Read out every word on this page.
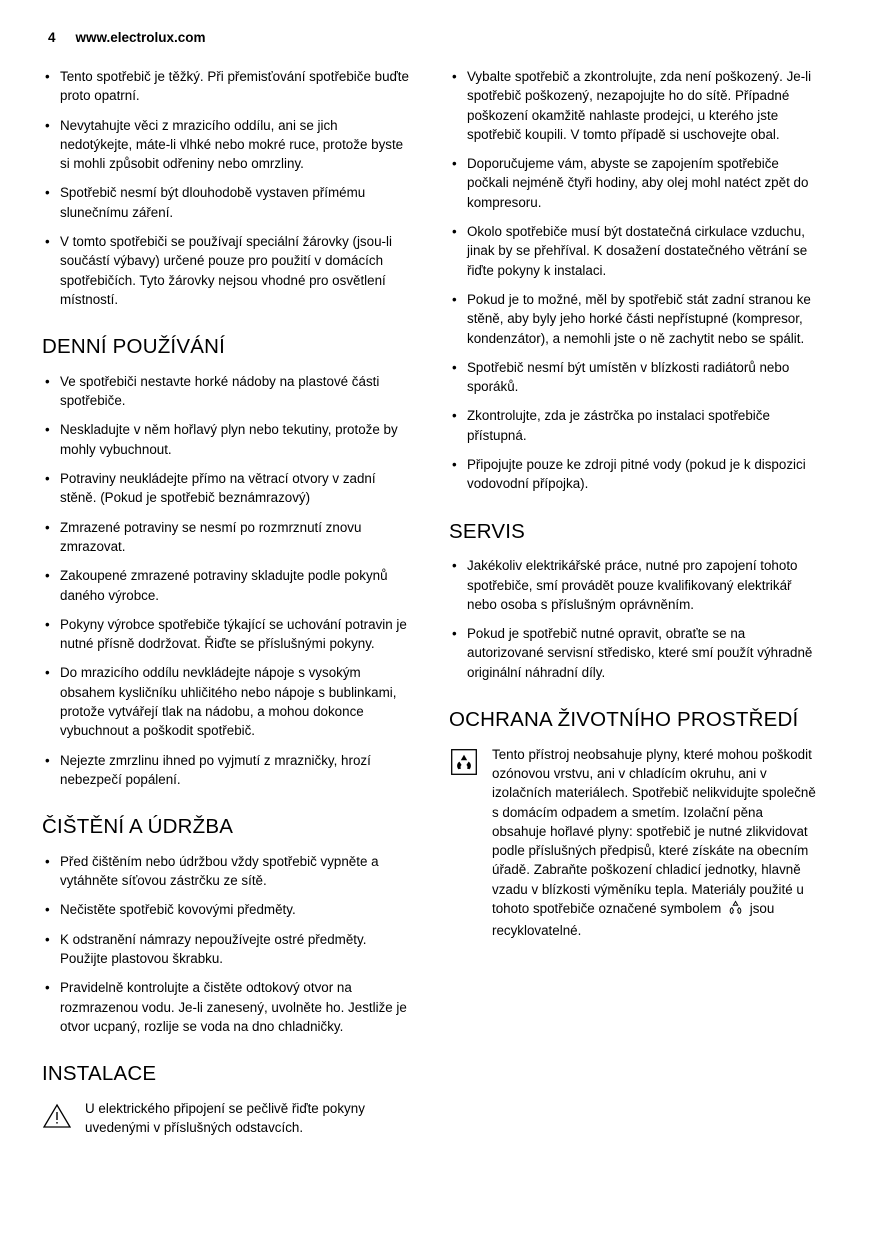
4 www.electrolux.com
• Tento spotřebič je těžký. Při přemisťování spotřebiče buďte proto opatrní.
• Nevytahujte věci z mrazicího oddílu, ani se jich nedotýkejte, máte-li vlhké nebo mokré ruce, protože byste si mohli způsobit odřeniny nebo omrzliny.
• Spotřebič nesmí být dlouhodobě vystaven přímému slunečnímu záření.
• V tomto spotřebiči se používají speciální žárovky (jsou-li součástí výbavy) určené pouze pro použití v domácích spotřebičích. Tyto žárovky nejsou vhodné pro osvětlení místností.
DENNÍ POUŽÍVÁNÍ
• Ve spotřebiči nestavte horké nádoby na plastové části spotřebiče.
• Neskladujte v něm hořlavý plyn nebo tekutiny, protože by mohly vybuchnout.
• Potraviny neukládejte přímo na větrací otvory v zadní stěně. (Pokud je spotřebič beznámrazový)
• Zmrazené potraviny se nesmí po rozmrznutí znovu zmrazovat.
• Zakoupené zmrazené potraviny skladujte podle pokynů daného výrobce.
• Pokyny výrobce spotřebiče týkající se uchování potravin je nutné přísně dodržovat. Řiďte se příslušnými pokyny.
• Do mrazicího oddílu nevkládejte nápoje s vysokým obsahem kysličníku uhličitého nebo nápoje s bublinkami, protože vytvářejí tlak na nádobu, a mohou dokonce vybuchnout a poškodit spotřebič.
• Nejezte zmrzlinu ihned po vyjmutí z mrazničky, hrozí nebezpečí popálení.
ČIŠTĚNÍ A ÚDRŽBA
• Před čištěním nebo údržbou vždy spotřebič vypněte a vytáhněte síťovou zástrčku ze sítě.
• Nečistěte spotřebič kovovými předměty.
• K odstranění námrazy nepoužívejte ostré předměty. Použijte plastovou škrabku.
• Pravidelně kontrolujte a čistěte odtokový otvor na rozmrazenou vodu. Je-li zanesený, uvolněte ho. Jestliže je otvor ucpaný, rozlije se voda na dno chladničky.
INSTALACE
U elektrického připojení se pečlivě řiďte pokyny uvedenými v příslušných odstavcích.
• Vybalte spotřebič a zkontrolujte, zda není poškozený. Je-li spotřebič poškozený, nezapojujte ho do sítě. Případné poškození okamžitě nahlaste prodejci, u kterého jste spotřebič koupili. V tomto případě si uschovejte obal.
• Doporučujeme vám, abyste se zapojením spotřebiče počkali nejméně čtyři hodiny, aby olej mohl natéct zpět do kompresoru.
• Okolo spotřebiče musí být dostatečná cirkulace vzduchu, jinak by se přehříval. K dosažení dostatečného větrání se řiďte pokyny k instalaci.
• Pokud je to možné, měl by spotřebič stát zadní stranou ke stěně, aby byly jeho horké části nepřístupné (kompresor, kondenzátor), a nemohli jste o ně zachytit nebo se spálit.
• Spotřebič nesmí být umístěn v blízkosti radiátorů nebo sporáků.
• Zkontrolujte, zda je zástrčka po instalaci spotřebiče přístupná.
• Připojujte pouze ke zdroji pitné vody (pokud je k dispozici vodovodní přípojka).
SERVIS
• Jakékoliv elektrikářské práce, nutné pro zapojení tohoto spotřebiče, smí provádět pouze kvalifikovaný elektrikář nebo osoba s příslušným oprávněním.
• Pokud je spotřebič nutné opravit, obraťte se na autorizované servisní středisko, které smí použít výhradně originální náhradní díly.
OCHRANA ŽIVOTNÍHO PROSTŘEDÍ
Tento přístroj neobsahuje plyny, které mohou poškodit ozónovou vrstvu, ani v chladícím okruhu, ani v izolačních materiálech. Spotřebič nelikvidujte společně s domácím odpadem a smetím. Izolační pěna obsahuje hořlavé plyny: spotřebič je nutné zlikvidovat podle příslušných předpisů, které získáte na obecním úřadě. Zabraňte poškození chladicí jednotky, hlavně vzadu v blízkosti výměníku tepla. Materiály použité u tohoto spotřebiče označené symbolem jsou recyklovatelné.
